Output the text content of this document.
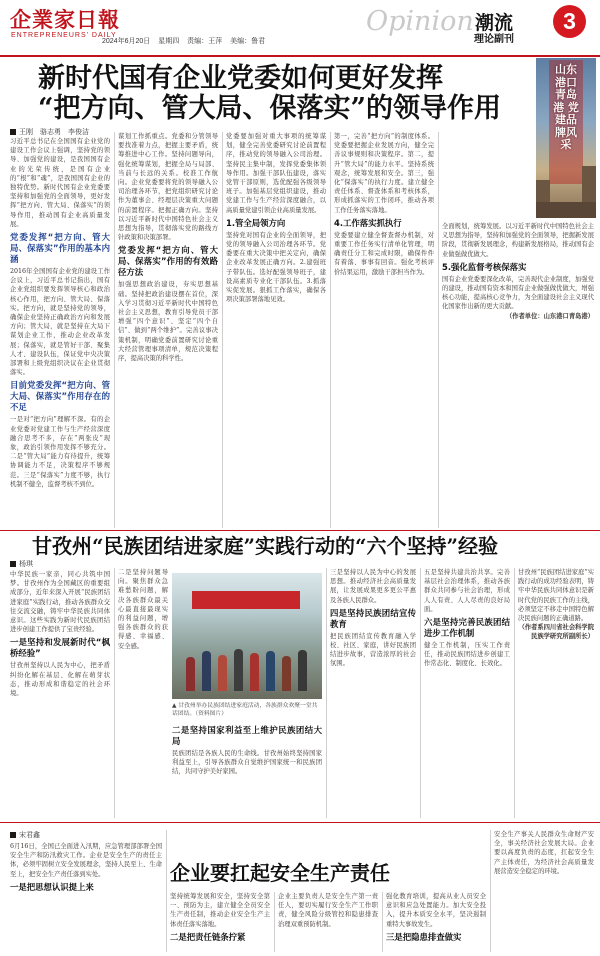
企業家日報
ENTREPRENEURS' DAILY
2024年6月20日 星期四 责编：王萍 美编：鲁君
Opinion 潮流
理论副刊
3
新时代国有企业党委如何更好发挥
“把方向、管大局、保落实”的领导作用
山东港口青岛港 党建品牌风采
王刚　骆志勇　李俊洁
习近平总书记在全国国有企业党的建设工作会议上强调，坚持党的领导、加强党的建设，是我国国有企业的光荣传统，是国有企业的“根”和“魂”，是我国国有企业的独特优势。新时代国有企业党委要坚持和加强党的全面领导，更好发挥“把方向、管大局、保落实”的领导作用，推动国有企业高质量发展。
党委发挥“把方向、管大局、保落实”作用的基本内涵
2016年全国国有企业党的建设工作会议上，习近平总书记指出，国有企业党组织要发挥领导核心和政治核心作用，把方向、管大局、保落实。把方向，就是坚持党的领导，确保企业坚持正确政治方向和发展方向；管大局，就是坚持在大局下谋划企业工作，推动企业改革发展；保落实，就是管好干部、聚集人才、建设队伍，保证党中央决策部署和上级党组织决议在企业贯彻落实。
目前党委发挥“把方向、管大局、保落实”作用存在的不足
一是对“把方向”理解不深。有的企业党委对党建工作与生产经营深度融合思考不多，存在“两张皮”现象，政治引领作用发挥不够充分。二是“管大局”能力有待提升，统筹协调能力不足，决策程序不够规范。三是“保落实”力度不够，执行机制不健全，监督考核不到位。
谋划工作抓重点。党委和分管领导要找准着力点，把握主要矛盾，统筹推进中心工作。坚持问题导向，强化统筹谋划，把握全局与局部、当前与长远的关系。校准工作航向。企业党委要将党的领导融入公司治理各环节，把党组织研究讨论作为董事会、经理层决策重大问题的前置程序。把握正确方向。坚持以习近平新时代中国特色社会主义思想为指导，贯彻落实党的路线方针政策和决策部署。
党委发挥“把方向、管大局、保落实”作用的有效路径方法
加强思想政治建设，夯实思想基础。坚持把政治建设摆在首位，深入学习贯彻习近平新时代中国特色社会主义思想，教育引导党员干部增强“四个意识”、坚定“四个自信”、做到“两个维护”。完善议事决策机制，明确党委前置研究讨论重大经营管理事项清单，规范决策程序，提高决策的科学性。
党委要加强对重大事项的统筹谋划，健全完善党委研究讨论前置程序，推动党的领导融入公司治理。坚持民主集中制，发挥党委集体领导作用。加强干部队伍建设，落实党管干部原则，选优配强各级领导班子。加强基层党组织建设，推动党建工作与生产经营深度融合，以高质量党建引领企业高质量发展。
1.管全局领方向
坚持党对国有企业的全面领导，把党的领导融入公司治理各环节。党委要在重大决策中把关定向，确保企业改革发展正确方向。2.建强班子带队伍。选好配强领导班子，建设高素质专业化干部队伍。3.抓落实促发展。狠抓工作落实，确保各项决策部署落地见效。
第一，完善“把方向”的制度体系。党委要把握企业发展方向，健全完善议事规则和决策程序。第二，提升“管大局”的能力水平。坚持系统观念，统筹发展和安全。第三，强化“保落实”的执行力度。建立健全责任体系、督查体系和考核体系，形成抓落实的工作闭环，推动各项工作任务落实落地。
4.工作落实抓执行
党委要建立健全督查督办机制，对重要工作任务实行清单化管理，明确责任分工和完成时限，确保件件有着落、事事有回音。强化考核评价结果运用，激励干部担当作为。
全面规划，统筹发展。以习近平新时代中国特色社会主义思想为指导，坚持和加强党的全面领导，把握新发展阶段，贯彻新发展理念，构建新发展格局，推动国有企业做强做优做大。
5.强化监督考核保落实
国有企业党委要深化改革，完善现代企业制度，加强党的建设，推动国有资本和国有企业做强做优做大，增强核心功能，提高核心竞争力，为全面建设社会主义现代化国家作出新的更大贡献。
（作者单位：山东港口青岛港）
甘孜州“民族团结进家庭”实践行动的“六个坚持”经验
杨琪
中华民族一家亲，同心共筑中国梦。甘孜州作为全国藏区的重要组成部分，近年来深入开展“民族团结进家庭”实践行动，推动各族群众交往交流交融，铸牢中华民族共同体意识。这些实践为新时代民族团结进步创建工作提供了宝贵经验。
一是坚持和发展新时代“枫桥经验”
甘孜州坚持以人民为中心，把矛盾纠纷化解在基层、化解在萌芽状态，推动形成和谐稳定的社会环境。
二是坚持问题导向。聚焦群众急难愁盼问题，解决各族群众最关心最直接最现实的利益问题，增强各族群众的获得感、幸福感、安全感。
▲ 甘孜州举办民族团结进家庭活动，各族群众欢聚一堂共话团结。（资料图片）
二是坚持国家利益至上维护民族团结大局
民族团结是各族人民的生命线。甘孜州始终坚持国家利益至上，引导各族群众自觉维护国家统一和民族团结，共同守护美好家园。
三是坚持以人民为中心的发展思想。推动经济社会高质量发展，让发展成果更多更公平惠及各族人民群众。
四是坚持民族团结宣传教育
把民族团结宣传教育融入学校、社区、家庭，讲好民族团结进步故事，营造浓厚的社会氛围。
五是坚持共建共治共享。完善基层社会治理体系，推动各族群众共同参与社会治理，形成人人有责、人人尽责的良好局面。
六是坚持完善民族团结进步工作机制
健全工作机制，压实工作责任，推动民族团结进步创建工作常态化、制度化、长效化。
甘孜州“民族团结进家庭”实践行动的成功经验表明，铸牢中华民族共同体意识是新时代党的民族工作的主线，必须坚定不移走中国特色解决民族问题的正确道路。
（作者系四川省社会科学院民族学研究所副所长）
宋君鑫
6月16日，全国已全面进入汛期，应急管理部部署全国安全生产和防汛救灾工作。企业是安全生产的责任主体，必须牢固树立安全发展理念，坚持人民至上、生命至上，把安全生产责任落到实处。
一是把思想认识提上来
企业要扛起安全生产责任
坚持统筹发展和安全，坚持安全第一、预防为主，建立健全全员安全生产责任制，推动企业安全生产主体责任落实落地。
二是把责任链条拧紧
企业主要负责人是安全生产第一责任人，要切实履行安全生产工作职责，健全风险分级管控和隐患排查治理双重预防机制。
强化教育培训，提高从业人员安全意识和应急处置能力。加大安全投入，提升本质安全水平，坚决遏制重特大事故发生。
三是把隐患排查做实
安全生产事关人民群众生命财产安全，事关经济社会发展大局。企业要以高度负责的态度，扛起安全生产主体责任，为经济社会高质量发展营造安全稳定的环境。
